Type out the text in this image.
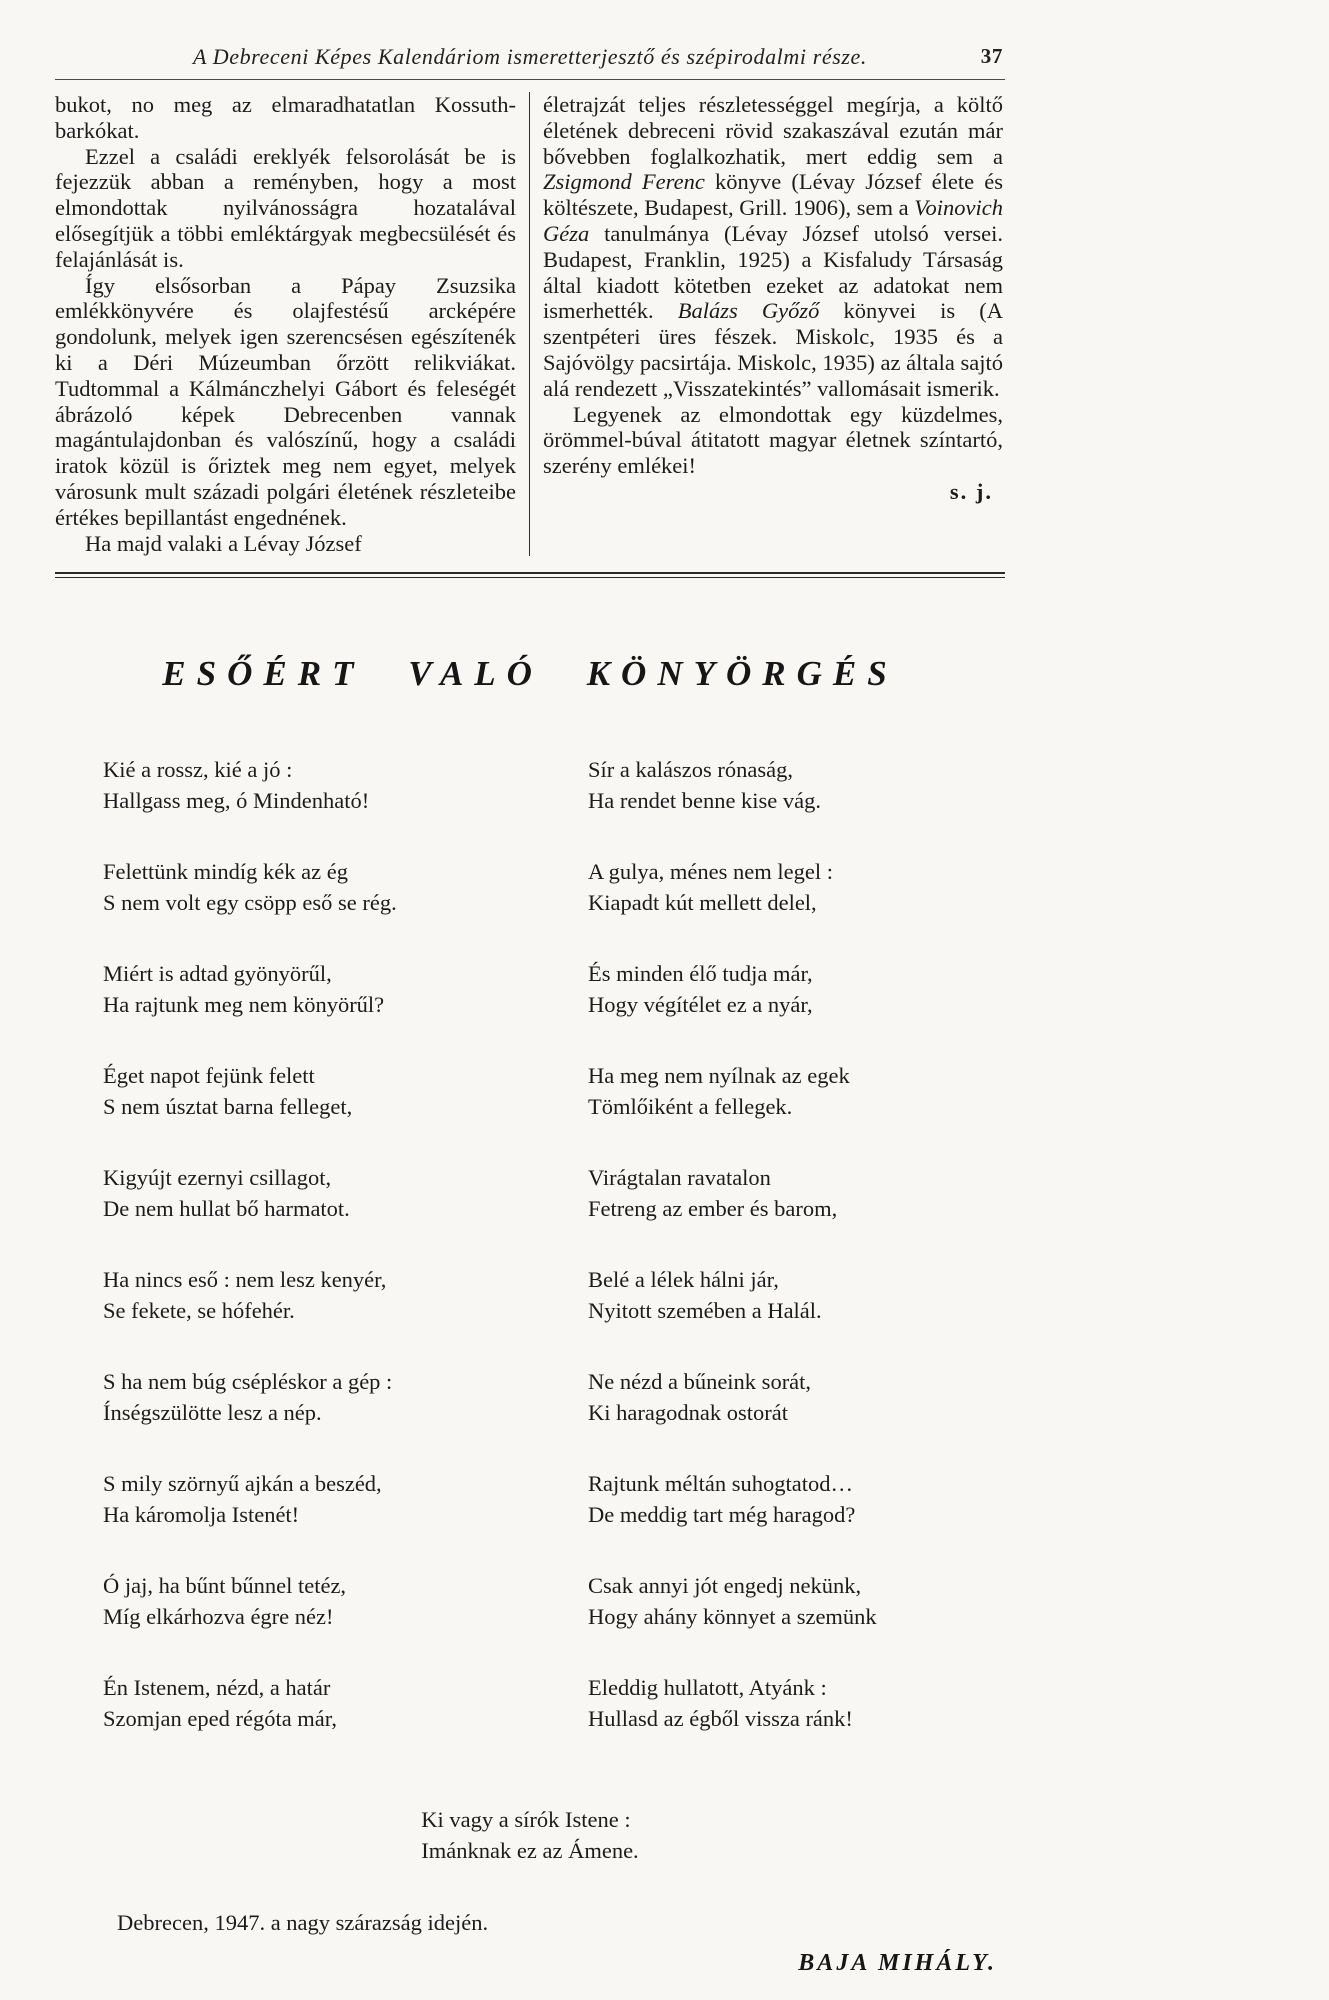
A Debreceni Képes Kalendáriom ismeretterjesztő és szépirodalmi része.	37

bukot, no meg az elmaradhatatlan Kossuth-barkókat.

Ezzel a családi ereklyék felsorolását be is fejezzük abban a reményben, hogy a most elmondottak nyilvánosságra hozatalával elősegítjük a többi emléktárgyak megbecsülését és felajánlását is.

Így elsősorban a Pápay Zsuzsika emlékkönyvére és olajfestésű arcképére gondolunk, melyek igen szerencsésen egészítenék ki a Déri Múzeumban őrzött relikviákat. Tudtommal a Kálmánczhelyi Gábort és feleségét ábrázoló képek Debrecenben vannak magántulajdonban és valószínű, hogy a családi iratok közül is őriztek meg nem egyet, melyek városunk mult századi polgári életének részleteibe értékes bepillantást engednének.

Ha majd valaki a Lévay József

életrajzát teljes részletességgel megírja, a költő életének debreceni rövid szakaszával ezután már bővebben foglalkozhatik, mert eddig sem a Zsigmond Ferenc könyve (Lévay József élete és költészete, Budapest, Grill. 1906), sem a Voinovich Géza tanulmánya (Lévay József utolsó versei. Budapest, Franklin, 1925) a Kisfaludy Társaság által kiadott kötetben ezeket az adatokat nem ismerhették. Balázs Győző könyvei is (A szentpéteri üres fészek. Miskolc, 1935 és a Sajóvölgy pacsirtája. Miskolc, 1935) az általa sajtó alá rendezett „Visszatekintés” vallomásait ismerik.

Legyenek az elmondottak egy küzdelmes, örömmel-búval átitatott magyar életnek színtartó, szerény emlékei!

s. j.

ESŐÉRT VALÓ KÖNYÖRGÉS
Kié a rossz, kié a jó :
Hallgass meg, ó Mindenható!
Felettünk mindíg kék az ég
S nem volt egy csöpp eső se rég.
Miért is adtad gyönyörűl,
Ha rajtunk meg nem könyörűl?
Éget napot fejünk felett
S nem úsztat barna felleget,
Kigyújt ezernyi csillagot,
De nem hullat bő harmatot.
Ha nincs eső : nem lesz kenyér,
Se fekete, se hófehér.
S ha nem búg csépléskor a gép :
Ínségszülötte lesz a nép.
S mily szörnyű ajkán a beszéd,
Ha káromolja Istenét!
Ó jaj, ha bűnt bűnnel tetéz,
Míg elkárhozva égre néz!
Én Istenem, nézd, a határ
Szomjan eped régóta már,
Sír a kalászos rónaság,
Ha rendet benne kise vág.
A gulya, ménes nem legel :
Kiapadt kút mellett delel,
És minden élő tudja már,
Hogy végítélet ez a nyár,
Ha meg nem nyílnak az egek
Tömlőiként a fellegek.
Virágtalan ravatalon
Fetreng az ember és barom,
Belé a lélek hálni jár,
Nyitott szemében a Halál.
Ne nézd a bűneink sorát,
Ki haragodnak ostorát
Rajtunk méltán suhogtatod…
De meddig tart még haragod?
Csak annyi jót engedj nekünk,
Hogy ahány könnyet a szemünk
Eleddig hullatott, Atyánk :
Hullasd az égből vissza ránk!
Ki vagy a sírók Istene :
Imánknak ez az Ámene.
Debrecen, 1947. a nagy szárazság idején.
BAJA MIHÁLY.
